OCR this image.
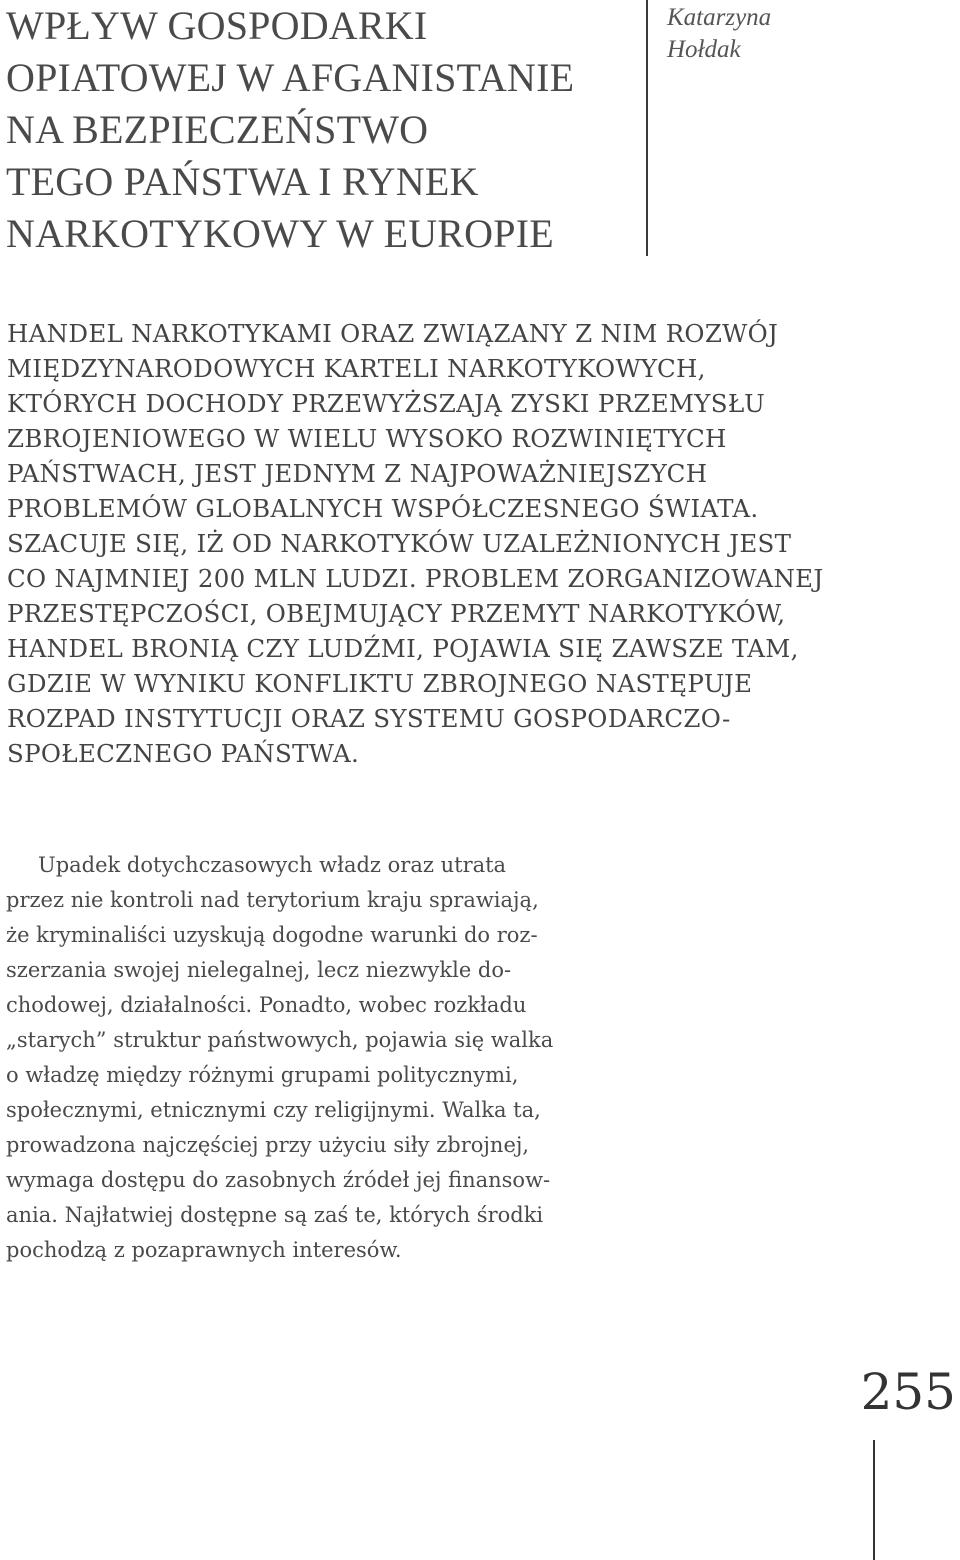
WPŁYW GOSPODARKI
OPIATOWEJ W AFGANISTANIE
NA BEZPIECZEŃSTWO
TEGO PAŃSTWA I RYNEK
NARKOTYKOWY W EUROPIE
Katarzyna
Hołdak

HANDEL NARKOTYKAMI ORAZ ZWIĄZANY Z NIM ROZWÓJ
MIĘDZYNARODOWYCH KARTELI NARKOTYKOWYCH,
KTÓRYCH DOCHODY PRZEWYŻSZAJĄ ZYSKI PRZEMYSŁU
ZBROJENIOWEGO W WIELU WYSOKO ROZWINIĘTYCH
PAŃSTWACH, JEST JEDNYM Z NAJPOWAŻNIEJSZYCH
PROBLEMÓW GLOBALNYCH WSPÓŁCZESNEGO ŚWIATA.
SZACUJE SIĘ, IŻ OD NARKOTYKÓW UZALEŻNIONYCH JEST
CO NAJMNIEJ 200 MLN LUDZI. PROBLEM ZORGANIZOWANEJ
PRZESTĘPCZOŚCI, OBEJMUJĄCY PRZEMYT NARKOTYKÓW,
HANDEL BRONIĄ CZY LUDŹMI, POJAWIA SIĘ ZAWSZE TAM,
GDZIE W WYNIKU KONFLIKTU ZBROJNEGO NASTĘPUJE
ROZPAD INSTYTUCJI ORAZ SYSTEMU GOSPODARCZO-
SPOŁECZNEGO PAŃSTWA.

Upadek dotychczasowych władz oraz utrata
przez nie kontroli nad terytorium kraju sprawiają,
że kryminaliści uzyskują dogodne warunki do roz-
szerzania swojej nielegalnej, lecz niezwykle do-
chodowej, działalności. Ponadto, wobec rozkładu
„starych” struktur państwowych, pojawia się walka
o władzę między różnymi grupami politycznymi,
społecznymi, etnicznymi czy religijnymi. Walka ta,
prowadzona najczęściej przy użyciu siły zbrojnej,
wymaga dostępu do zasobnych źródeł jej finansow-
ania. Najłatwiej dostępne są zaś te, których środki
pochodzą z pozaprawnych interesów.

255
